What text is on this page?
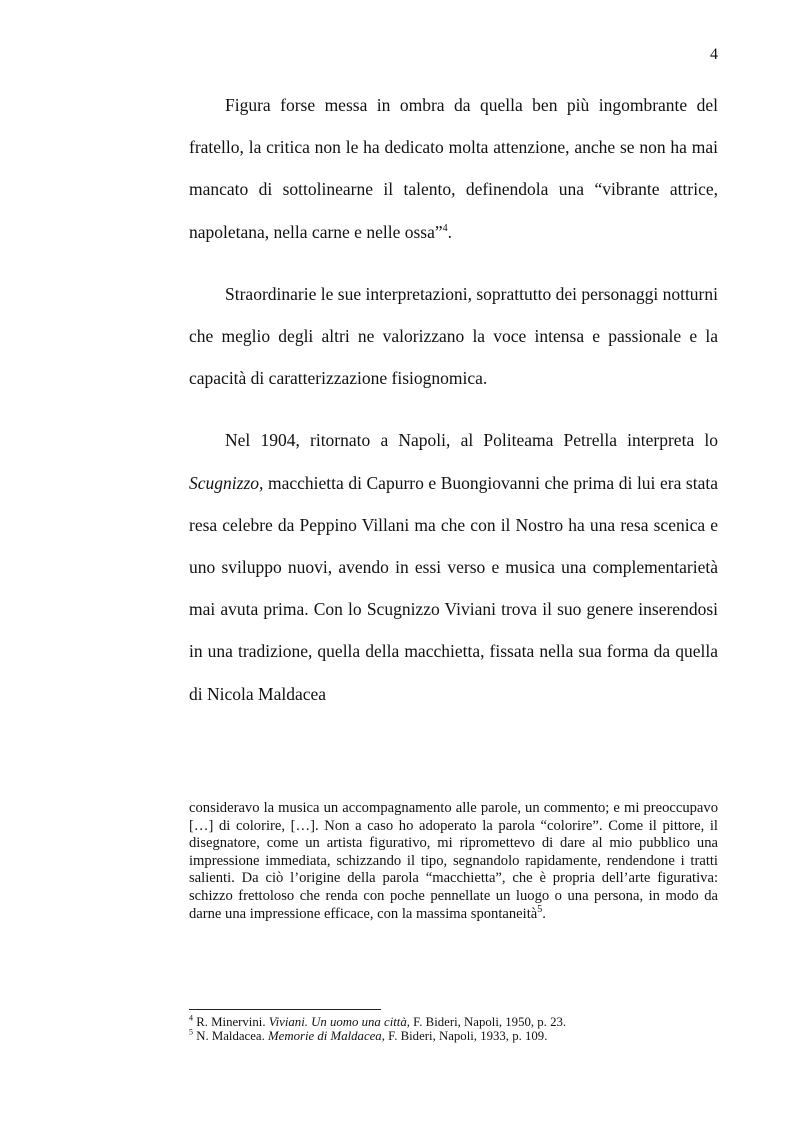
4

Figura forse messa in ombra da quella ben più ingombrante del fratello, la critica non le ha dedicato molta attenzione, anche se non ha mai mancato di sottolinearne il talento, definendola una “vibrante attrice, napoletana, nella carne e nelle ossa”$^4$.

Straordinarie le sue interpretazioni, soprattutto dei personaggi notturni che meglio degli altri ne valorizzano la voce intensa e passionale e la capacità di caratterizzazione fisiognomica.

Nel 1904, ritornato a Napoli, al Politeama Petrella interpreta lo Scugnizzo, macchietta di Capurro e Buongiovanni che prima di lui era stata resa celebre da Peppino Villani ma che con il Nostro ha una resa scenica e uno sviluppo nuovi, avendo in essi verso e musica una complementarietà mai avuta prima. Con lo Scugnizzo Viviani trova il suo genere inserendosi in una tradizione, quella della macchietta, fissata nella sua forma da quella di Nicola Maldacea

consideravo la musica un accompagnamento alle parole, un commento; e mi preoccupavo […] di colorire, […]. Non a caso ho adoperato la parola “colorire”. Come il pittore, il disegnatore, come un artista figurativo, mi ripromettevo di dare al mio pubblico una impressione immediata, schizzando il tipo, segnandolo rapidamente, rendendone i tratti salienti. Da ciò l’origine della parola “macchietta”, che è propria dell’arte figurativa: schizzo frettoloso che renda con poche pennellate un luogo o una persona, in modo da darne una impressione efficace, con la massima spontaneità$^5$.

$^4$ R. Minervini. Viviani. Un uomo una città, F. Bideri, Napoli, 1950, p. 23.

$^5$ N. Maldacea. Memorie di Maldacea, F. Bideri, Napoli, 1933, p. 109.
